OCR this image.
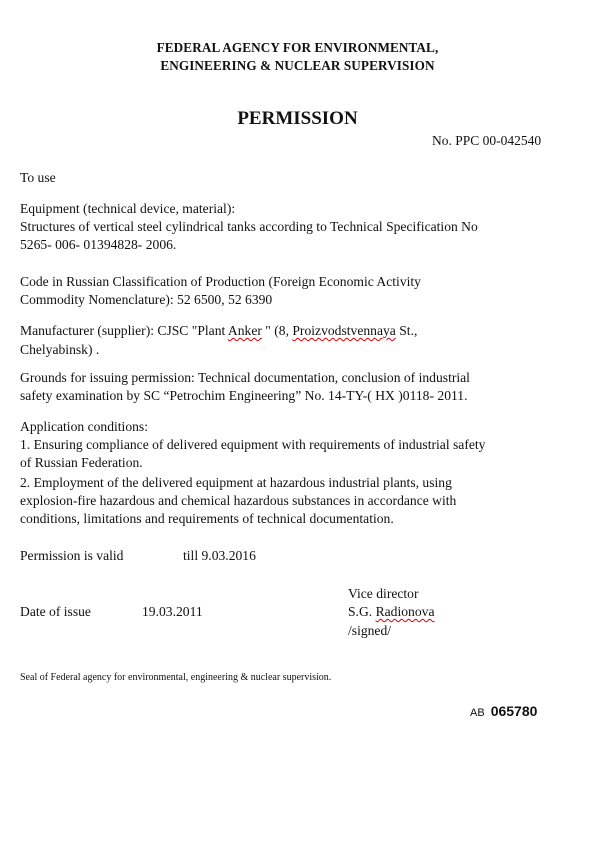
FEDERAL AGENCY FOR ENVIRONMENTAL,
ENGINEERING & NUCLEAR SUPERVISION
PERMISSION
No. PPC 00-042540
To use
Equipment (technical device, material):
Structures of vertical steel cylindrical tanks according to Technical Specification No
5265- 006- 01394828- 2006.
Code in Russian Classification of Production (Foreign Economic Activity
Commodity Nomenclature): 52 6500, 52 6390
Manufacturer (supplier): CJSC "Plant Anker " (8, Proizvodstvennaya St.,
Chelyabinsk) .
Grounds for issuing permission: Technical documentation, conclusion of industrial
safety examination by SC “Petrochim Engineering” No. 14-TY-( HX )0118- 2011.
Application conditions:
1. Ensuring compliance of delivered equipment with requirements of industrial safety
of Russian Federation.
2. Employment of the delivered equipment at hazardous industrial plants, using
explosion-fire hazardous and chemical hazardous substances in accordance with
conditions, limitations and requirements of technical documentation.
Permission is valid	till 9.03.2016
Vice director
Date of issue	19.03.2011	S.G. Radionova
/signed/
Seal of Federal agency for environmental, engineering & nuclear supervision.
AB 065780
